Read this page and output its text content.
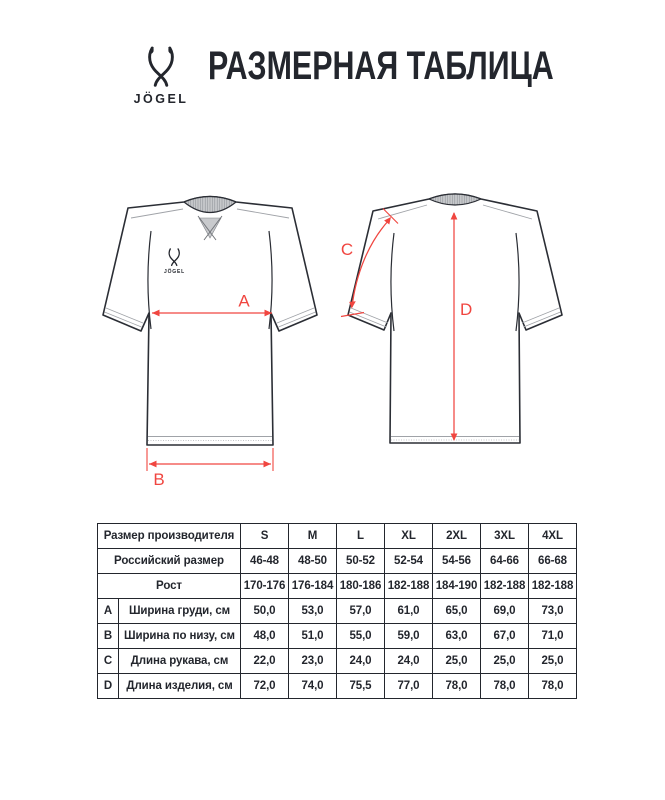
JÖGEL
РАЗМЕРНАЯ ТАБЛИЦА
JÖGEL
A
B
C
D
Размер производителя		S	M	L	XL	2XL	3XL	4XL
Российский размер		46-48	48-50	50-52	52-54	54-56	64-66	66-68
Рост		170-176	176-184	180-186	182-188	184-190	182-188	182-188
A	Ширина груди, см	50,0	53,0	57,0	61,0	65,0	69,0	73,0
B	Ширина по низу, см	48,0	51,0	55,0	59,0	63,0	67,0	71,0
C	Длина рукава, см	22,0	23,0	24,0	24,0	25,0	25,0	25,0
D	Длина изделия, см	72,0	74,0	75,5	77,0	78,0	78,0	78,0
